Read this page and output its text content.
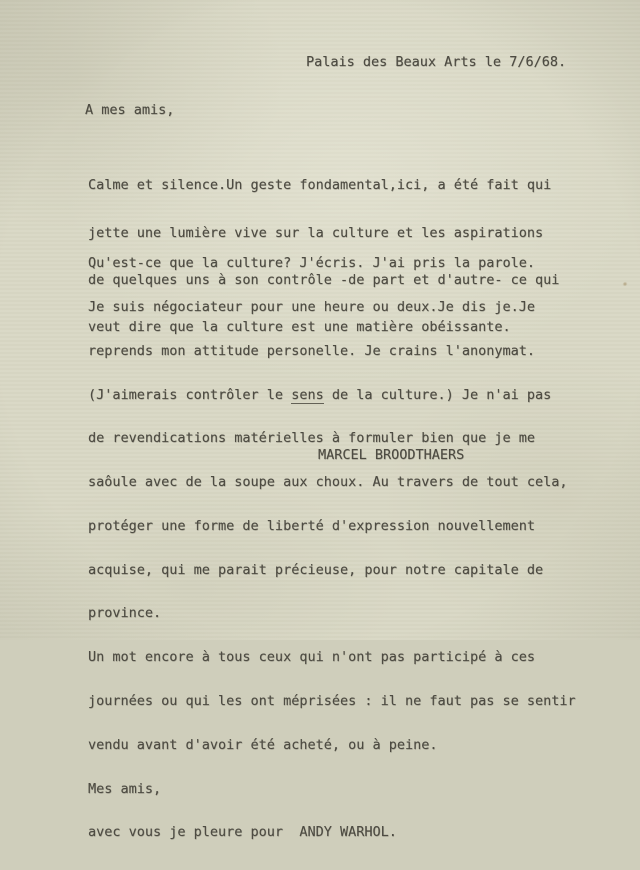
Palais des Beaux Arts le 7/6/68.
A mes amis,

Calme et silence.Un geste fondamental,ici, a été fait qui

jette une lumière vive sur la culture et les aspirations

de quelques uns à son contrôle -de part et d'autre- ce qui

veut dire que la culture est une matière obéissante.

Qu'est-ce que la culture? J'écris. J'ai pris la parole.

Je suis négociateur pour une heure ou deux.Je dis je.Je

reprends mon attitude personelle. Je crains l'anonymat.

(J'aimerais contrôler le sens de la culture.) Je n'ai pas

de revendications matérielles à formuler bien que je me

saôule avec de la soupe aux choux. Au travers de tout cela,

protéger une forme de liberté d'expression nouvellement

acquise, qui me parait précieuse, pour notre capitale de

province.

Un mot encore à tous ceux qui n'ont pas participé à ces

journées ou qui les ont méprisées : il ne faut pas se sentir

vendu avant d'avoir été acheté, ou à peine.

Mes amis,

avec vous je pleure pour  ANDY WARHOL.

MARCEL BROODTHAERS
